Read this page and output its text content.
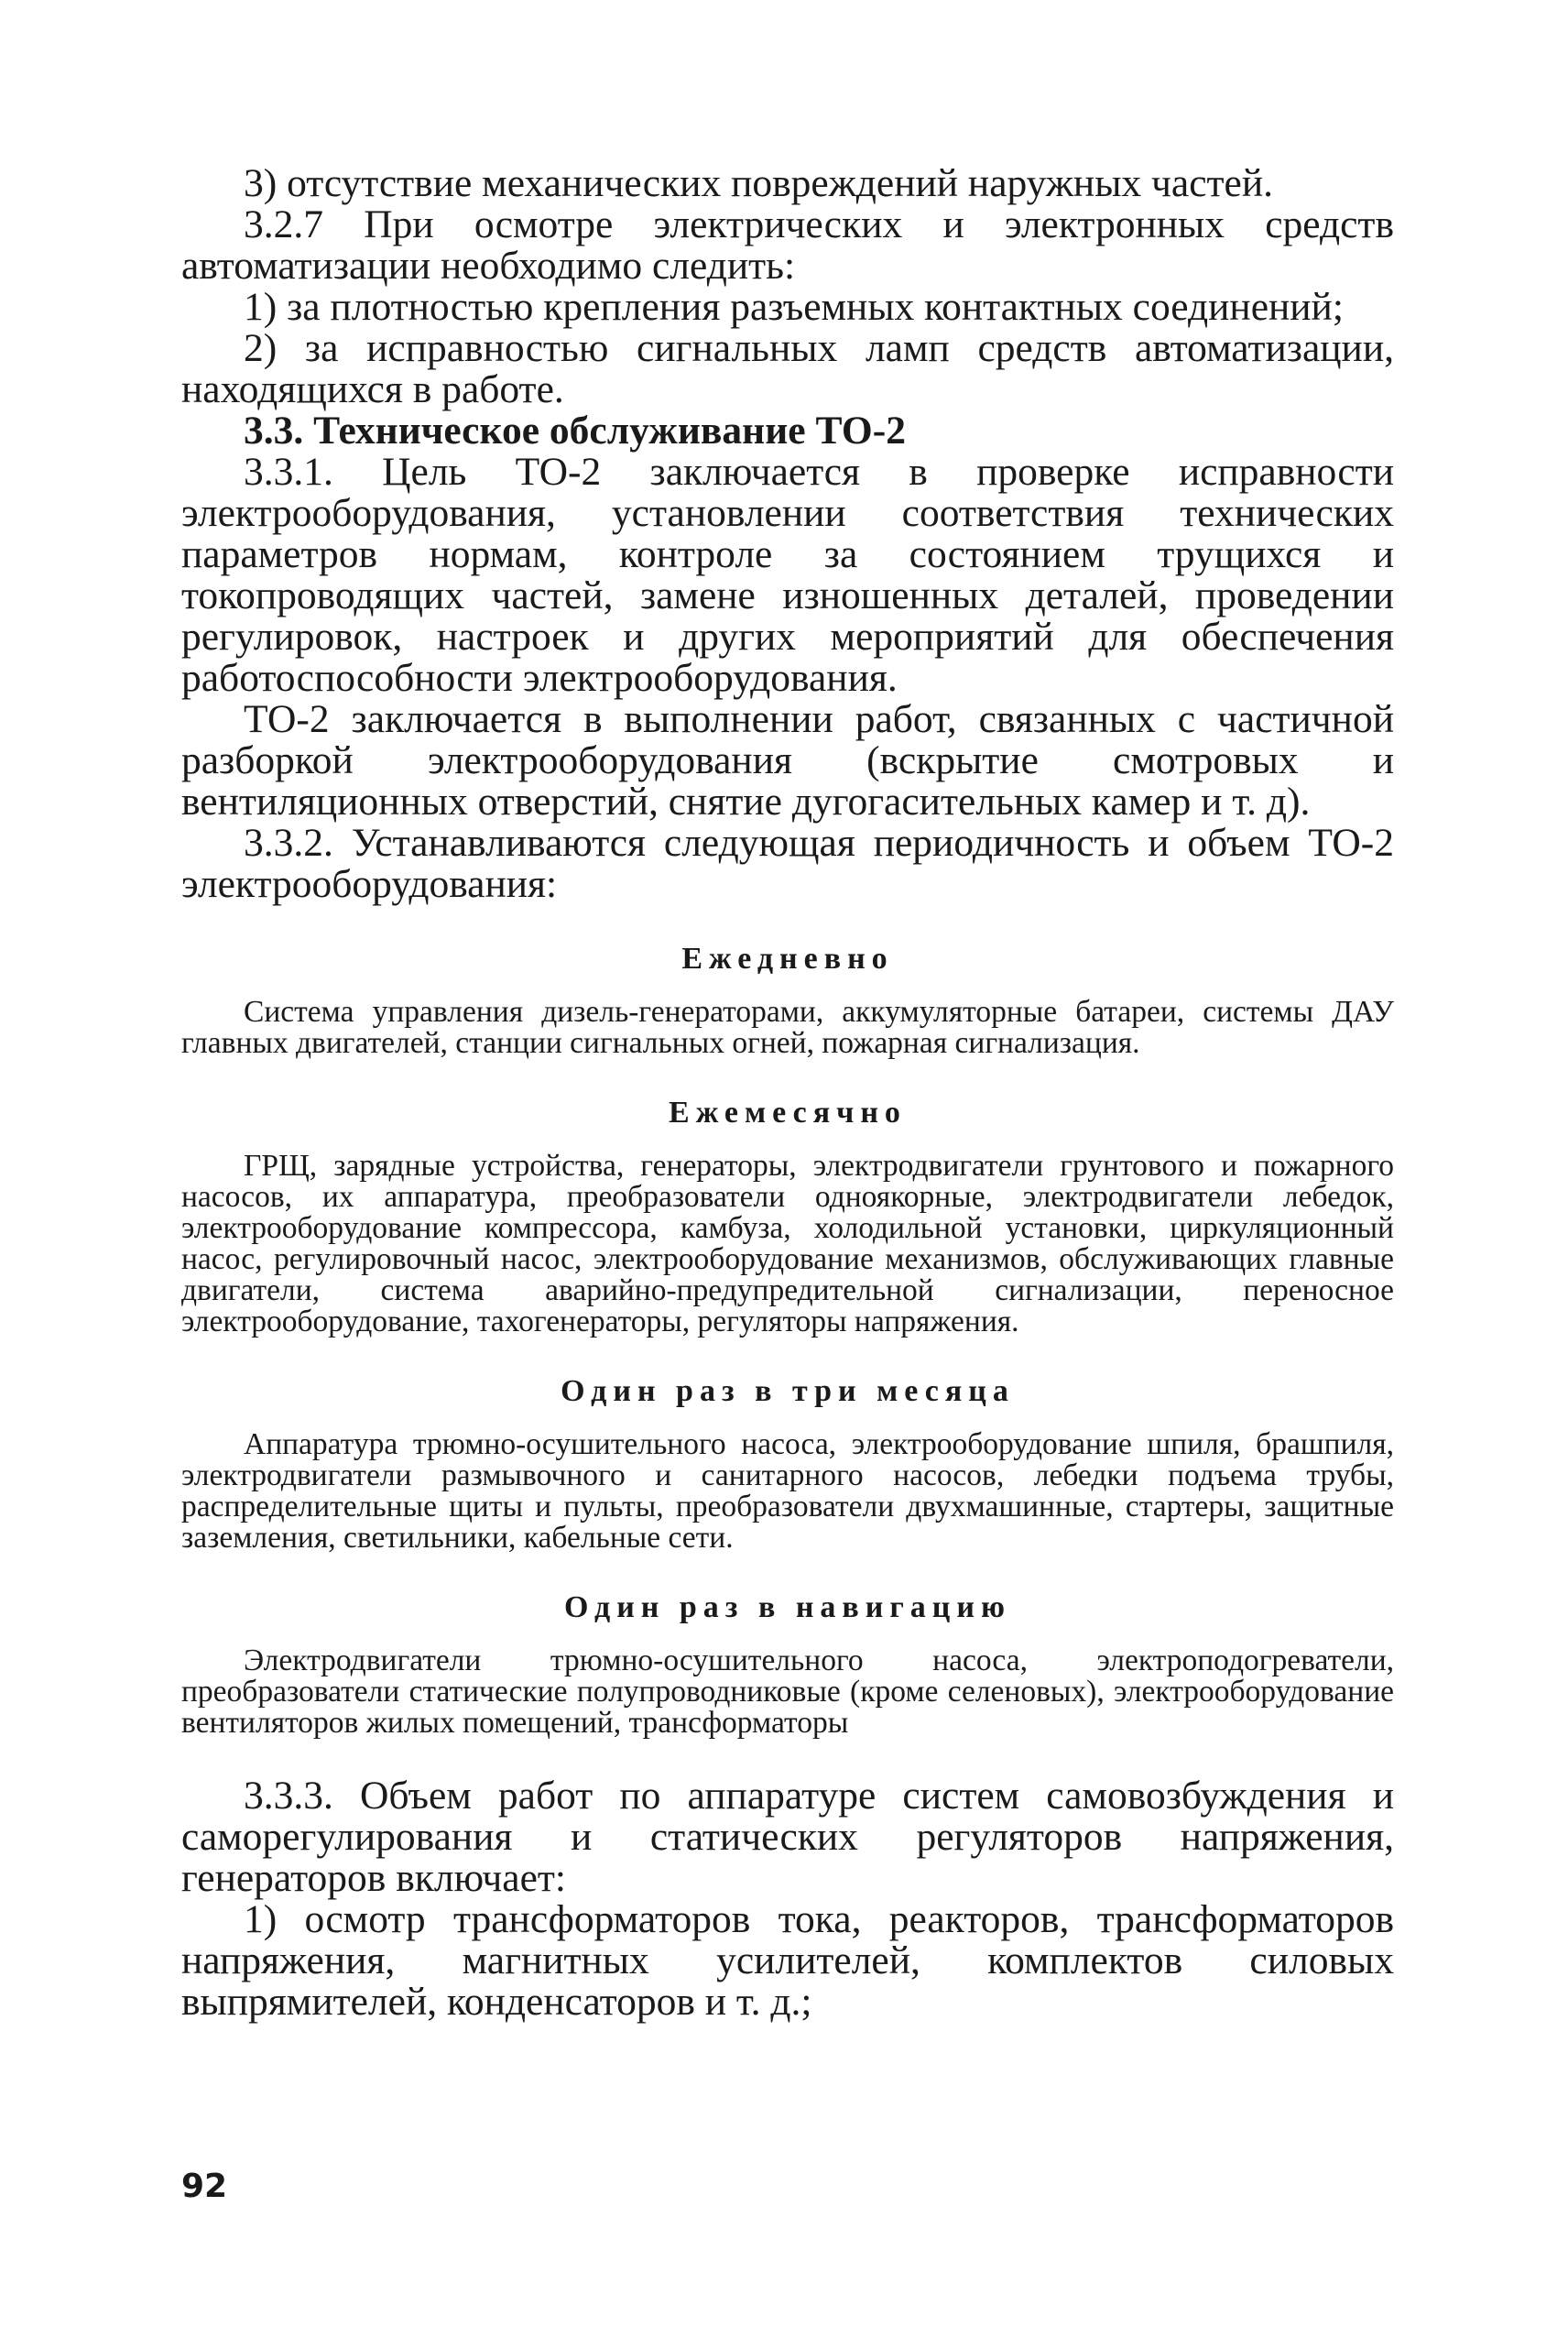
3) отсутствие механических повреждений наружных частей.

3.2.7 При осмотре электрических и электронных средств автоматизации необходимо следить:

1) за плотностью крепления разъемных контактных соединений;

2) за исправностью сигнальных ламп средств автоматизации, находящихся в работе.

3.3. Техническое обслуживание ТО-2

3.3.1. Цель ТО-2 заключается в проверке исправности электрооборудования, установлении соответствия технических параметров нормам, контроле за состоянием трущихся и токопроводящих частей, замене изношенных деталей, проведении регулировок, настроек и других мероприятий для обеспечения работоспособности электрооборудования.

ТО-2 заключается в выполнении работ, связанных с частичной разборкой электрооборудования (вскрытие смотровых и вентиляционных отверстий, снятие дугогасительных камер и т. д).

3.3.2. Устанавливаются следующая периодичность и объем ТО-2 электрооборудования:

Ежедневно

Система управления дизель-генераторами, аккумуляторные батареи, системы ДАУ главных двигателей, станции сигнальных огней, пожарная сигнализация.

Ежемесячно

ГРЩ, зарядные устройства, генераторы, электродвигатели грунтового и пожарного насосов, их аппаратура, преобразователи одноякорные, электродвигатели лебедок, электрооборудование компрессора, камбуза, холодильной установки, циркуляционный насос, регулировочный насос, электрооборудование механизмов, обслуживающих главные двигатели, система аварийно-предупредительной сигнализации, переносное электрооборудование, тахогенераторы, регуляторы напряжения.

Один раз в три месяца

Аппаратура трюмно-осушительного насоса, электрооборудование шпиля, брашпиля, электродвигатели размывочного и санитарного насосов, лебедки подъема трубы, распределительные щиты и пульты, преобразователи двухмашинные, стартеры, защитные заземления, светильники, кабельные сети.

Один раз в навигацию

Электродвигатели трюмно-осушительного насоса, электроподогреватели, преобразователи статические полупроводниковые (кроме селеновых), электрооборудование вентиляторов жилых помещений, трансформаторы

3.3.3. Объем работ по аппаратуре систем самовозбуждения и саморегулирования и статических регуляторов напряжения, генераторов включает:

1) осмотр трансформаторов тока, реакторов, трансформаторов напряжения, магнитных усилителей, комплектов силовых выпрямителей, конденсаторов и т. д.;

92
